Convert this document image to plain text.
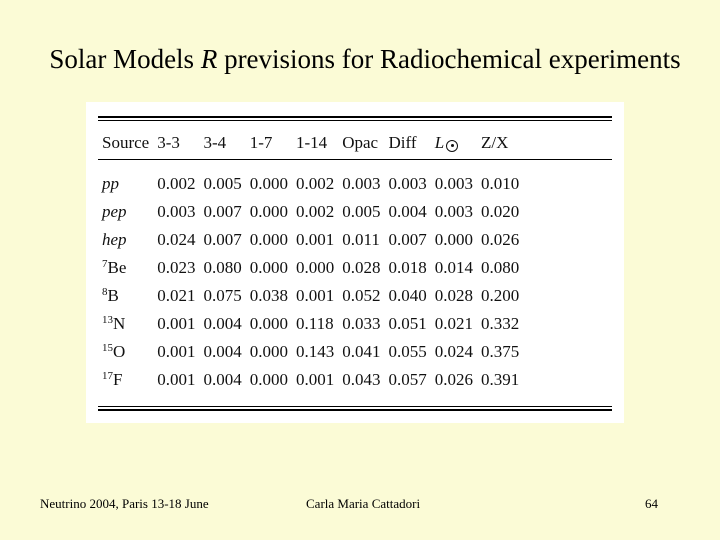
Solar Models R previsions for Radiochemical experiments
Source	3-3	3-4	1-7	1-14	Opac	Diff	L	Z/X
pp	0.002	0.005	0.000	0.002	0.003	0.003	0.003	0.010
pep	0.003	0.007	0.000	0.002	0.005	0.004	0.003	0.020
hep	0.024	0.007	0.000	0.001	0.011	0.007	0.000	0.026
$^7$Be	0.023	0.080	0.000	0.000	0.028	0.018	0.014	0.080
$^8$B	0.021	0.075	0.038	0.001	0.052	0.040	0.028	0.200
$^{13}$N	0.001	0.004	0.000	0.118	0.033	0.051	0.021	0.332
$^{15}$O	0.001	0.004	0.000	0.143	0.041	0.055	0.024	0.375
$^{17}$F	0.001	0.004	0.000	0.001	0.043	0.057	0.026	0.391
Neutrino 2004, Paris 13-18 June	Carla Maria Cattadori	64
